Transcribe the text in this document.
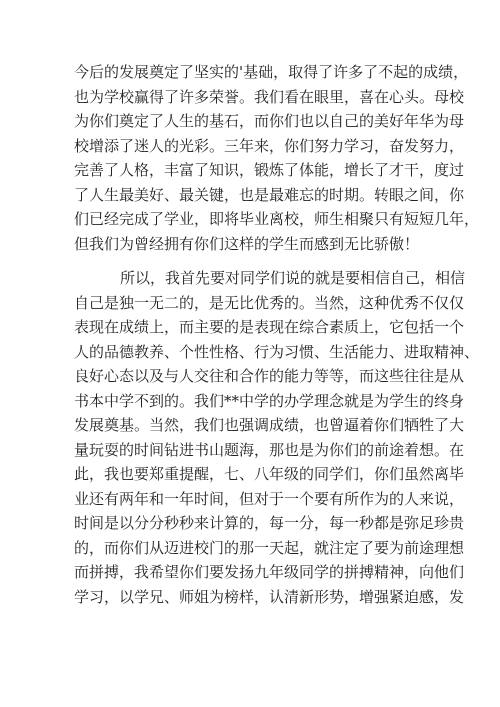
今后的发展奠定了坚实的'基础，取得了许多了不起的成绩，
也为学校赢得了许多荣誉。我们看在眼里，喜在心头。母校
为你们奠定了人生的基石，而你们也以自己的美好年华为母
校增添了迷人的光彩。三年来，你们努力学习，奋发努力，
完善了人格，丰富了知识，锻炼了体能，增长了才干，度过
了人生最美好、最关键，也是最难忘的时期。转眼之间，你
们已经完成了学业，即将毕业离校，师生相聚只有短短几年，
但我们为曾经拥有你们这样的学生而感到无比骄傲！
所以，我首先要对同学们说的就是要相信自己，相信
自己是独一无二的，是无比优秀的。当然，这种优秀不仅仅
表现在成绩上，而主要的是表现在综合素质上，它包括一个
人的品德教养、个性性格、行为习惯、生活能力、进取精神、
良好心态以及与人交往和合作的能力等等，而这些往往是从
书本中学不到的。我们**中学的办学理念就是为学生的终身
发展奠基。当然，我们也强调成绩，也曾逼着你们牺牲了大
量玩耍的时间钻进书山题海，那也是为你们的前途着想。在
此，我也要郑重提醒，七、八年级的同学们，你们虽然离毕
业还有两年和一年时间，但对于一个要有所作为的人来说，
时间是以分分秒秒来计算的，每一分，每一秒都是弥足珍贵
的，而你们从迈进校门的那一天起，就注定了要为前途理想
而拼搏，我希望你们要发扬九年级同学的拼搏精神，向他们
学习，以学兄、师姐为榜样，认清新形势，增强紧迫感，发
